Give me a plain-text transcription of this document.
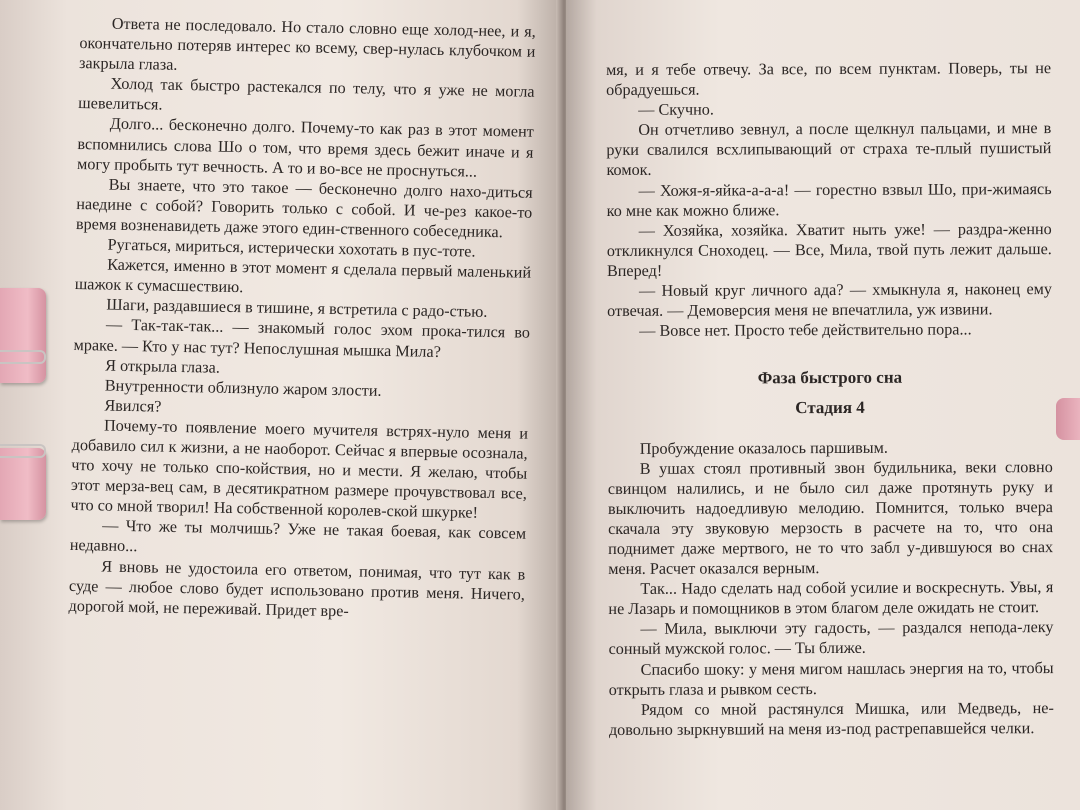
Ответа не последовало. Но стало словно еще холод-нее, и я, окончательно потеряв интерес ко всему, свер-нулась клубочком и закрыла глаза.

Холод так быстро растекался по телу, что я уже не могла шевелиться.

Долго... бесконечно долго. Почему-то как раз в этот момент вспомнились слова Шо о том, что время здесь бежит иначе и я могу пробыть тут вечность. А то и во-все не проснуться...

Вы знаете, что это такое — бесконечно долго нахо-диться наедине с собой? Говорить только с собой. И че-рез какое-то время возненавидеть даже этого един-ственного собеседника.

Ругаться, мириться, истерически хохотать в пус-тоте.

Кажется, именно в этот момент я сделала первый маленький шажок к сумасшествию.

Шаги, раздавшиеся в тишине, я встретила с радо-стью.

— Так-так-так... — знакомый голос эхом прока-тился во мраке. — Кто у нас тут? Непослушная мышка Мила?

Я открыла глаза.

Внутренности облизнуло жаром злости.

Явился?

Почему-то появление моего мучителя встрях-нуло меня и добавило сил к жизни, а не наоборот. Сейчас я впервые осознала, что хочу не только спо-койствия, но и мести. Я желаю, чтобы этот мерза-вец сам, в десятикратном размере прочувствовал все, что со мной творил! На собственной королев-ской шкурке!

— Что же ты молчишь? Уже не такая боевая, как совсем недавно...

Я вновь не удостоила его ответом, понимая, что тут как в суде — любое слово будет использовано против меня. Ничего, дорогой мой, не переживай. Придет вре-

мя, и я тебе отвечу. За все, по всем пунктам. Поверь, ты не обрадуешься.

— Скучно.

Он отчетливо зевнул, а после щелкнул пальцами, и мне в руки свалился всхлипывающий от страха те-плый пушистый комок.

— Хожя-я-яйка-а-а-а! — горестно взвыл Шо, при-жимаясь ко мне как можно ближе.

— Хозяйка, хозяйка. Хватит ныть уже! — раздра-женно откликнулся Сноходец. — Все, Мила, твой путь лежит дальше. Вперед!

— Новый круг личного ада? — хмыкнула я, наконец ему отвечая. — Демоверсия меня не впечатлила, уж извини.

— Вовсе нет. Просто тебе действительно пора...

Фаза быстрого сна

Стадия 4

Пробуждение оказалось паршивым.

В ушах стоял противный звон будильника, веки словно свинцом налились, и не было сил даже протянуть руку и выключить надоедливую мелодию. Помнится, только вчера скачала эту звуковую мерзость в расчете на то, что она поднимет даже мертвого, не то что забл у-дившуюся во снах меня. Расчет оказался верным.

Так... Надо сделать над собой усилие и воскреснуть. Увы, я не Лазарь и помощников в этом благом деле ожидать не стоит.

— Мила, выключи эту гадость, — раздался непода-леку сонный мужской голос. — Ты ближе.

Спасибо шоку: у меня мигом нашлась энергия на то, чтобы открыть глаза и рывком сесть.

Рядом со мной растянулся Мишка, или Медведь, не-довольно зыркнувший на меня из-под растрепавшейся челки.
